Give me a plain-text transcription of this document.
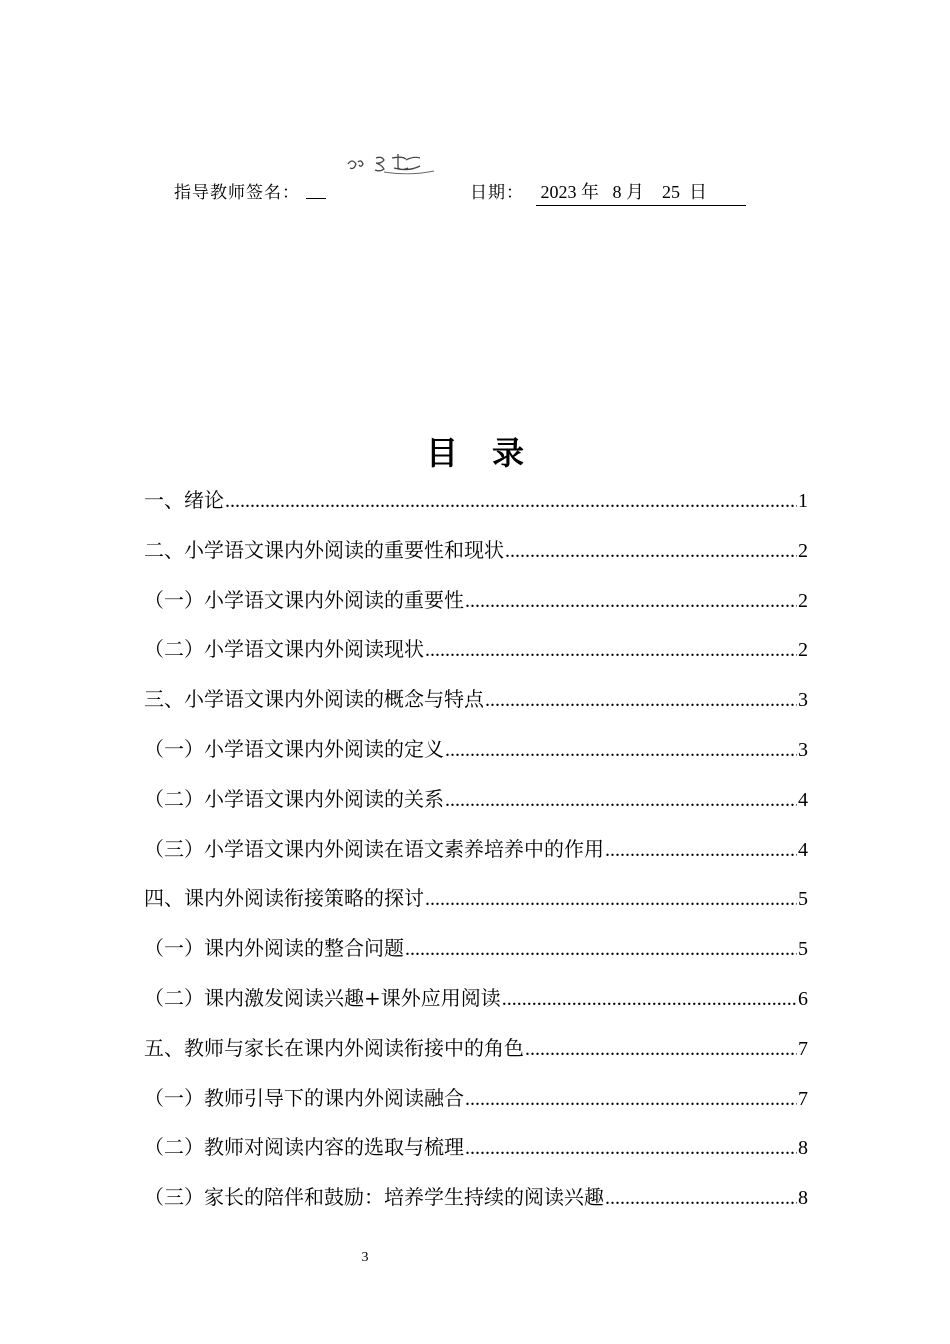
指导教师签名：	日期： 2023 年   8 月    25  日
目录
一、绪论 .....	1
二、小学语文课内外阅读的重要性和现状 .....	2
（一）小学语文课内外阅读的重要性 .....	2
（二）小学语文课内外阅读现状 .....	2
三、小学语文课内外阅读的概念与特点 .....	3
（一）小学语文课内外阅读的定义 .....	3
（二）小学语文课内外阅读的关系 .....	4
（三）小学语文课内外阅读在语文素养培养中的作用 .....	4
四、课内外阅读衔接策略的探讨 .....	5
（一）课内外阅读的整合问题 .....	5
（二）课内激发阅读兴趣+课外应用阅读 .....	6
五、教师与家长在课内外阅读衔接中的角色 .....	7
（一）教师引导下的课内外阅读融合 .....	7
（二）教师对阅读内容的选取与梳理 .....	8
（三）家长的陪伴和鼓励：培养学生持续的阅读兴趣 .....	8
3
